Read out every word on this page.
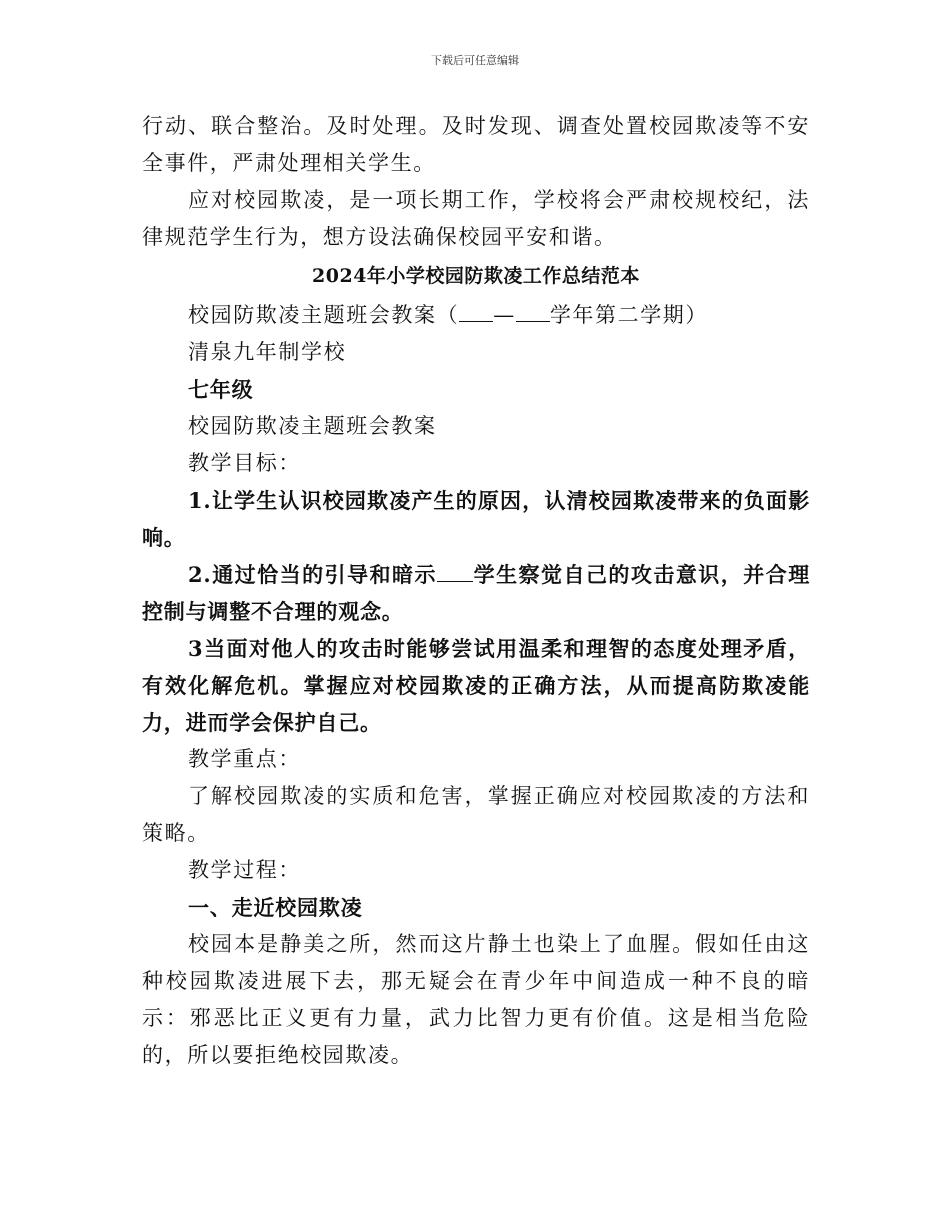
下载后可任意编辑

行动、联合整治。及时处理。及时发现、调查处置校园欺凌等不安全事件，严肃处理相关学生。

应对校园欺凌，是一项长期工作，学校将会严肃校规校纪，法律规范学生行为，想方设法确保校园平安和谐。

2024年小学校园防欺凌工作总结范本

校园防欺凌主题班会教案（ — 学年第二学期）

清泉九年制学校

七年级

校园防欺凌主题班会教案

教学目标：

1.让学生认识校园欺凌产生的原因，认清校园欺凌带来的负面影响。

2.通过恰当的引导和暗示 学生察觉自己的攻击意识，并合理控制与调整不合理的观念。

3当面对他人的攻击时能够尝试用温柔和理智的态度处理矛盾，有效化解危机。掌握应对校园欺凌的正确方法，从而提高防欺凌能力，进而学会保护自己。

教学重点：

了解校园欺凌的实质和危害，掌握正确应对校园欺凌的方法和策略。

教学过程：

一、走近校园欺凌

校园本是静美之所，然而这片静土也染上了血腥。假如任由这种校园欺凌进展下去，那无疑会在青少年中间造成一种不良的暗示：邪恶比正义更有力量，武力比智力更有价值。这是相当危险的，所以要拒绝校园欺凌。
